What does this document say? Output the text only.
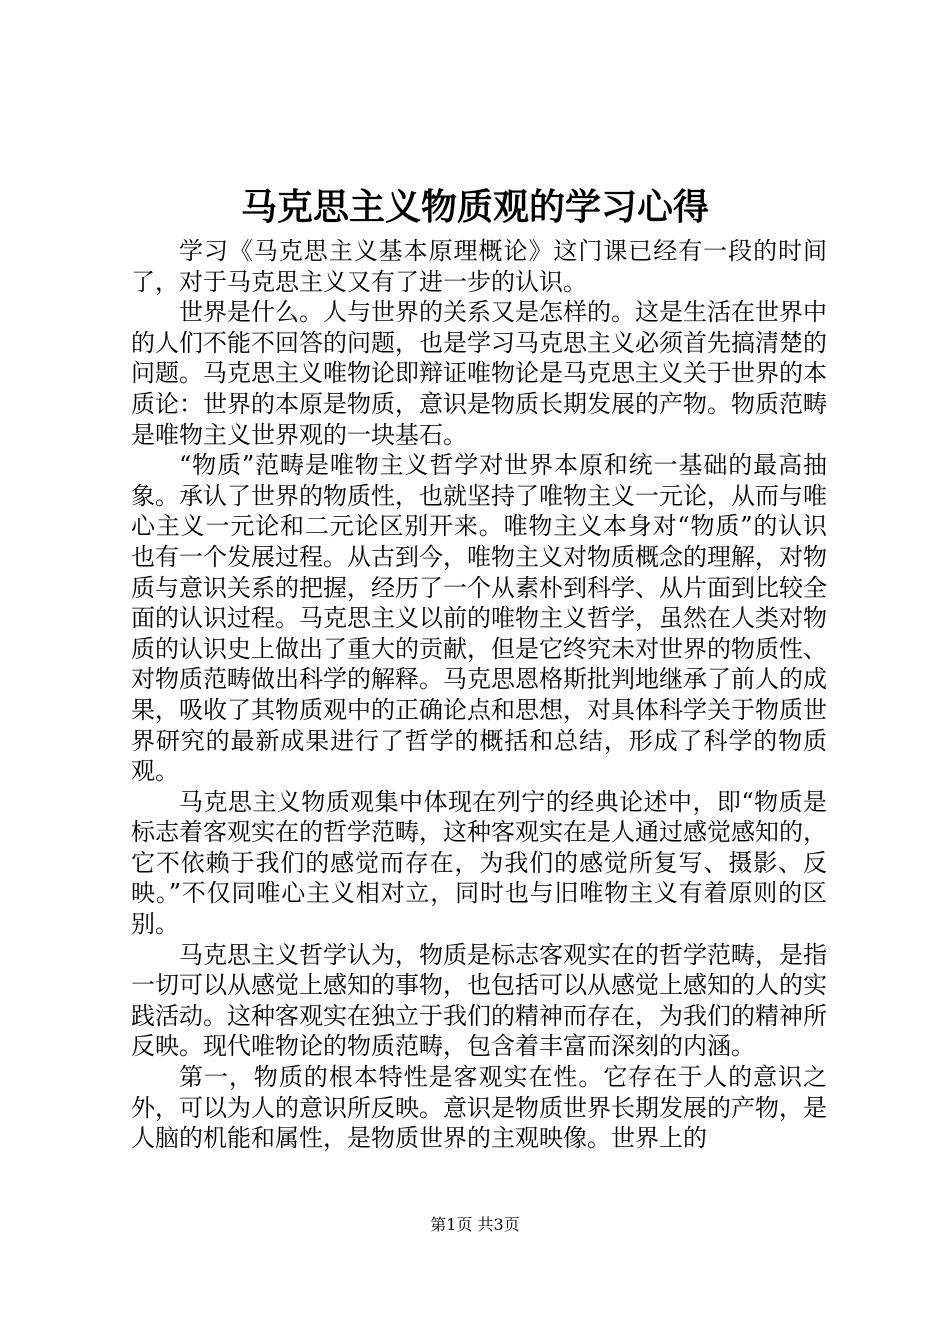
马克思主义物质观的学习心得

学习《马克思主义基本原理概论》这门课已经有一段的时间了，对于马克思主义又有了进一步的认识。

世界是什么。人与世界的关系又是怎样的。这是生活在世界中的人们不能不回答的问题，也是学习马克思主义必须首先搞清楚的问题。马克思主义唯物论即辩证唯物论是马克思主义关于世界的本质论：世界的本原是物质，意识是物质长期发展的产物。物质范畴是唯物主义世界观的一块基石。

“物质”范畴是唯物主义哲学对世界本原和统一基础的最高抽象。承认了世界的物质性，也就坚持了唯物主义一元论，从而与唯心主义一元论和二元论区别开来。唯物主义本身对“物质”的认识也有一个发展过程。从古到今，唯物主义对物质概念的理解，对物质与意识关系的把握，经历了一个从素朴到科学、从片面到比较全面的认识过程。马克思主义以前的唯物主义哲学，虽然在人类对物质的认识史上做出了重大的贡献，但是它终究未对世界的物质性、对物质范畴做出科学的解释。马克思恩格斯批判地继承了前人的成果，吸收了其物质观中的正确论点和思想，对具体科学关于物质世界研究的最新成果进行了哲学的概括和总结，形成了科学的物质观。

马克思主义物质观集中体现在列宁的经典论述中，即“物质是标志着客观实在的哲学范畴，这种客观实在是人通过感觉感知的，它不依赖于我们的感觉而存在，为我们的感觉所复写、摄影、反映。”不仅同唯心主义相对立，同时也与旧唯物主义有着原则的区别。

马克思主义哲学认为，物质是标志客观实在的哲学范畴，是指一切可以从感觉上感知的事物，也包括可以从感觉上感知的人的实践活动。这种客观实在独立于我们的精神而存在，为我们的精神所反映。现代唯物论的物质范畴，包含着丰富而深刻的内涵。

第一，物质的根本特性是客观实在性。它存在于人的意识之外，可以为人的意识所反映。意识是物质世界长期发展的产物，是人脑的机能和属性，是物质世界的主观映像。世界上的

第1页 共3页
